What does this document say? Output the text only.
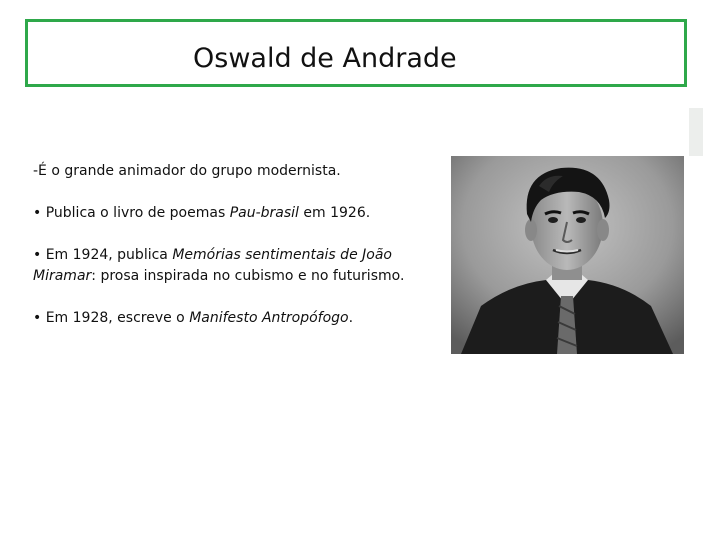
Oswald de Andrade

-É o grande animador do grupo modernista.

• Publica o livro de poemas Pau-brasil em 1926.

• Em 1924, publica Memórias sentimentais de João Miramar: prosa inspirada no cubismo e no futurismo.

• Em 1928, escreve o Manifesto Antropófogo.
